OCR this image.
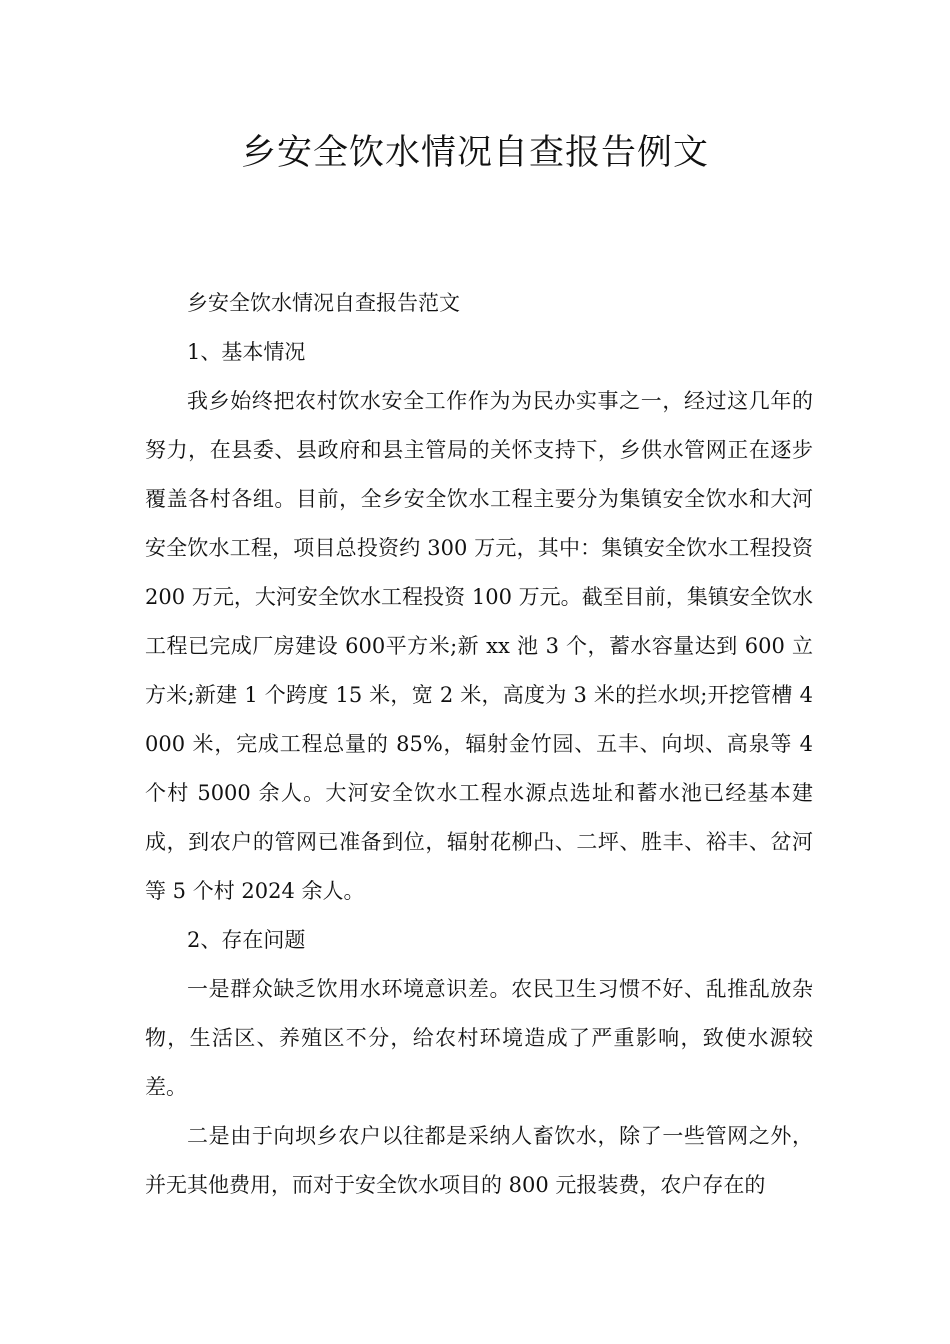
乡安全饮水情况自查报告例文

乡安全饮水情况自查报告范文

1、基本情况

我乡始终把农村饮水安全工作作为为民办实事之一，经过这几年的努力，在县委、县政府和县主管局的关怀支持下，乡供水管网正在逐步覆盖各村各组。目前，全乡安全饮水工程主要分为集镇安全饮水和大河安全饮水工程，项目总投资约 300 万元，其中：集镇安全饮水工程投资 200 万元，大河安全饮水工程投资 100 万元。截至目前，集镇安全饮水工程已完成厂房建设 600平方米;新 xx 池 3 个，蓄水容量达到 600 立方米;新建 1 个跨度 15 米，宽 2 米，高度为 3 米的拦水坝;开挖管槽 4000 米，完成工程总量的 85%，辐射金竹园、五丰、向坝、高泉等 4 个村 5000 余人。大河安全饮水工程水源点选址和蓄水池已经基本建成，到农户的管网已准备到位，辐射花柳凸、二坪、胜丰、裕丰、岔河等 5 个村 2024 余人。

2、存在问题

一是群众缺乏饮用水环境意识差。农民卫生习惯不好、乱推乱放杂物，生活区、养殖区不分，给农村环境造成了严重影响，致使水源较差。

二是由于向坝乡农户以往都是采纳人畜饮水，除了一些管网之外，并无其他费用，而对于安全饮水项目的 800 元报装费，农户存在的
